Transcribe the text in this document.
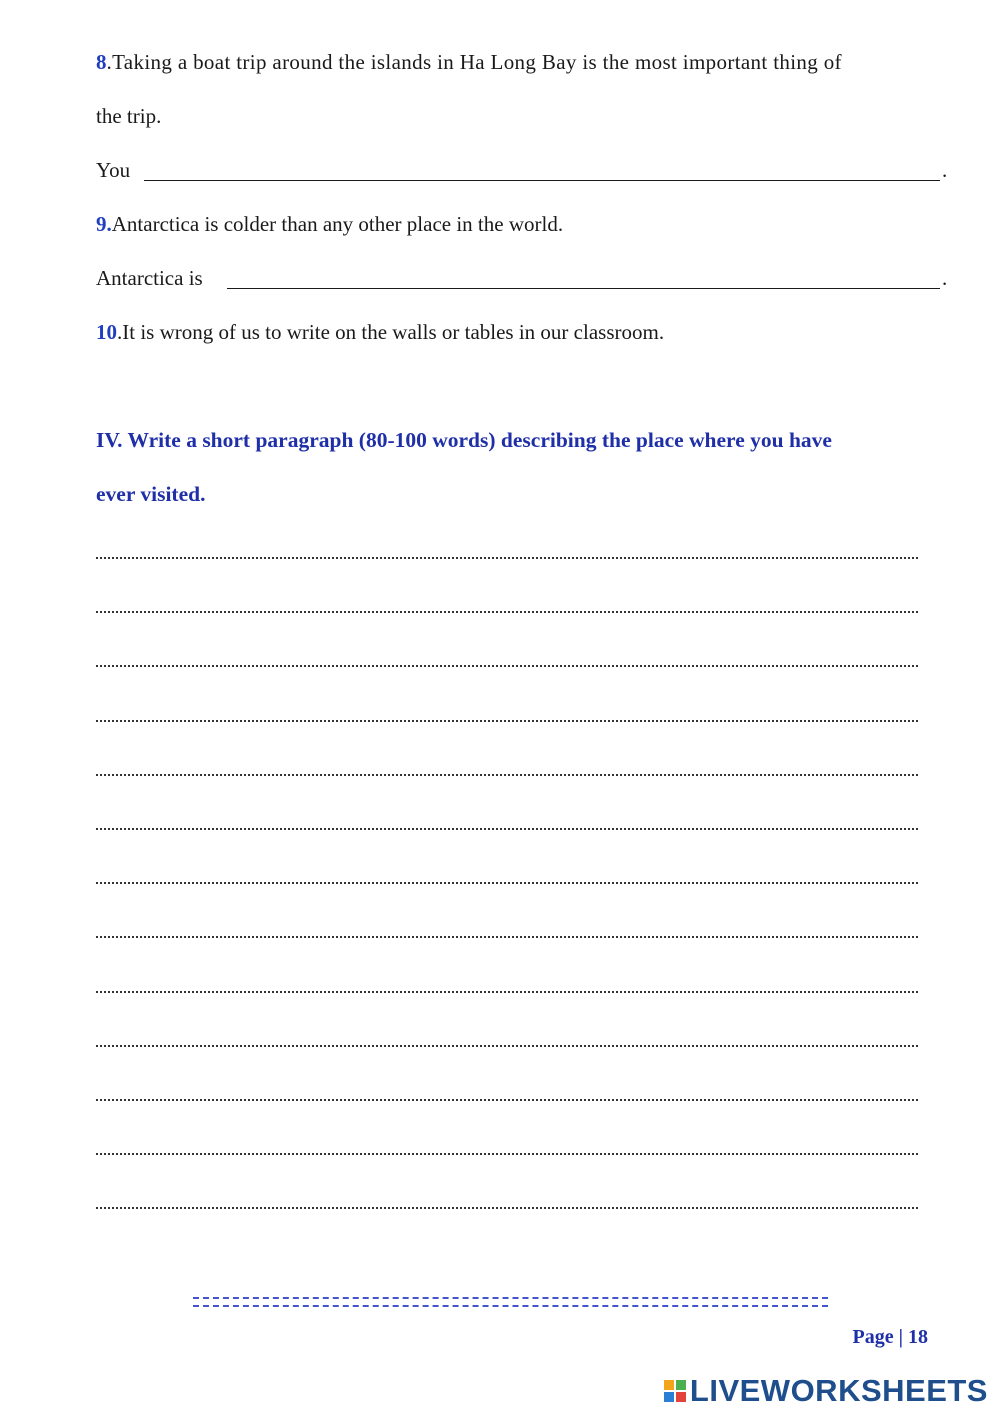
8.Taking a boat trip around the islands in Ha Long Bay is the most important thing of
the trip.
You	.
9.Antarctica is colder than any other place in the world.
Antarctica is	.
10.It is wrong of us to write on the walls or tables in our classroom.
IV. Write a short paragraph (80-100 words) describing the place where you have
ever visited.
Page | 18
LIVEWORKSHEETS
